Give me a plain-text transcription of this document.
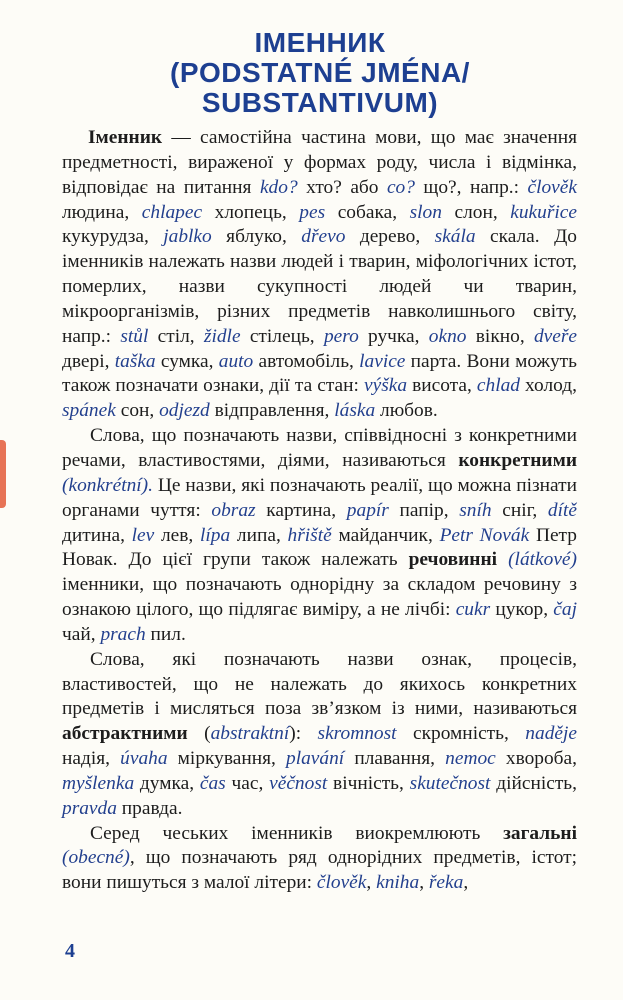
ІМЕННИК
(PODSTATNÉ JMÉNA/
SUBSTANTIVUM)

Іменник — самостійна частина мови, що має значення предметності, вираженої у формах роду, числа і відмінка, відповідає на питання kdo? хто? або co? що?, напр.: člověk людина, chlapec хлопець, pes собака, slon слон, kukuřice кукурудза, jablko яблуко, dřevo дерево, skála скала. До іменників належать назви людей і тварин, міфологічних істот, померлих, назви сукупності людей чи тварин, мікроорганізмів, різних предметів навколишнього світу, напр.: stůl стіл, židle стілець, pero ручка, okno вікно, dveře двері, taška сумка, auto автомобіль, lavice парта. Вони можуть також позначати ознаки, дії та стан: výška висота, chlad холод, spánek сон, odjezd відправлення, láska любов.

Слова, що позначають назви, співвідносні з конкретними речами, властивостями, діями, називаються конкретними (konkrétní). Це назви, які позначають реалії, що можна пізнати органами чуття: obraz картина, papír папір, sníh сніг, dítě дитина, lev лев, lípa липа, hřiště майданчик, Petr Novák Петр Новак. До цієї групи також належать речовинні (látkové) іменники, що позначають однорідну за складом речовину з ознакою цілого, що підлягає виміру, а не лічбі: cukr цукор, čaj чай, prach пил.

Слова, які позначають назви ознак, процесів, властивостей, що не належать до якихось конкретних предметів і мисляться поза зв’язком із ними, називаються абстрактними (abstraktní): skromnost скромність, naděje надія, úvaha міркування, plavání плавання, nemoc хвороба, myšlenka думка, čas час, věčnost вічність, skutečnost дійсність, pravda правда.

Серед чеських іменників виокремлюють загальні (obecné), що позначають ряд однорідних предметів, істот; вони пишуться з малої літери: člověk, kniha, řeka,

4
